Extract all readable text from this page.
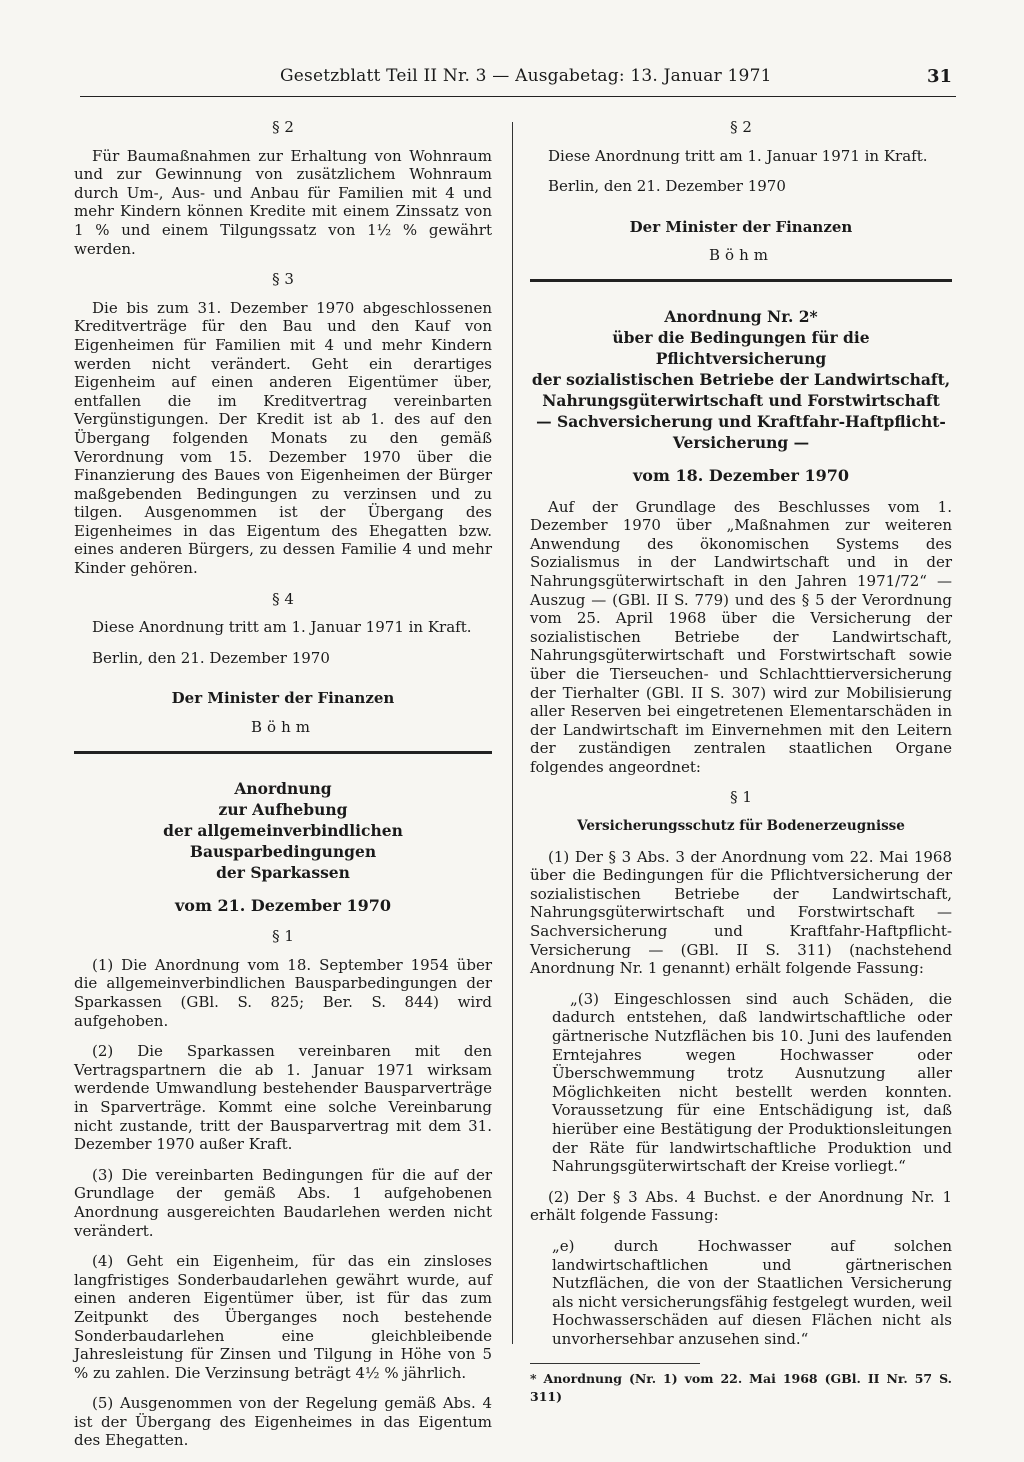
Gesetzblatt Teil II Nr. 3 — Ausgabetag: 13. Januar 1971	31

§ 2

Für Baumaßnahmen zur Erhaltung von Wohnraum und zur Gewinnung von zusätzlichem Wohnraum durch Um-, Aus- und Anbau für Familien mit 4 und mehr Kindern können Kredite mit einem Zinssatz von 1 % und einem Tilgungssatz von 1½ % gewährt werden.

§ 3

Die bis zum 31. Dezember 1970 abgeschlossenen Kreditverträge für den Bau und den Kauf von Eigenheimen für Familien mit 4 und mehr Kindern werden nicht verändert. Geht ein derartiges Eigenheim auf einen anderen Eigentümer über, entfallen die im Kreditvertrag vereinbarten Vergünstigungen. Der Kredit ist ab 1. des auf den Übergang folgenden Monats zu den gemäß Verordnung vom 15. Dezember 1970 über die Finanzierung des Baues von Eigenheimen der Bürger maßgebenden Bedingungen zu verzinsen und zu tilgen. Ausgenommen ist der Übergang des Eigenheimes in das Eigentum des Ehegatten bzw. eines anderen Bürgers, zu dessen Familie 4 und mehr Kinder gehören.

§ 4

Diese Anordnung tritt am 1. Januar 1971 in Kraft.

Berlin, den 21. Dezember 1970

Der Minister der Finanzen

Böhm

Anordnung
zur Aufhebung
der allgemeinverbindlichen Bausparbedingungen
der Sparkassen

vom 21. Dezember 1970

§ 1

(1) Die Anordnung vom 18. September 1954 über die allgemeinverbindlichen Bausparbedingungen der Sparkassen (GBl. S. 825; Ber. S. 844) wird aufgehoben.

(2) Die Sparkassen vereinbaren mit den Vertragspartnern die ab 1. Januar 1971 wirksam werdende Umwandlung bestehender Bausparverträge in Sparverträge. Kommt eine solche Vereinbarung nicht zustande, tritt der Bausparvertrag mit dem 31. Dezember 1970 außer Kraft.

(3) Die vereinbarten Bedingungen für die auf der Grundlage der gemäß Abs. 1 aufgehobenen Anordnung ausgereichten Baudarlehen werden nicht verändert.

(4) Geht ein Eigenheim, für das ein zinsloses langfristiges Sonderbaudarlehen gewährt wurde, auf einen anderen Eigentümer über, ist für das zum Zeitpunkt des Überganges noch bestehende Sonderbaudarlehen eine gleichbleibende Jahresleistung für Zinsen und Tilgung in Höhe von 5 % zu zahlen. Die Verzinsung beträgt 4½ % jährlich.

(5) Ausgenommen von der Regelung gemäß Abs. 4 ist der Übergang des Eigenheimes in das Eigentum des Ehegatten.

§ 2

Diese Anordnung tritt am 1. Januar 1971 in Kraft.

Berlin, den 21. Dezember 1970

Der Minister der Finanzen

Böhm

Anordnung Nr. 2*
über die Bedingungen für die Pflichtversicherung
der sozialistischen Betriebe der Landwirtschaft,
Nahrungsgüterwirtschaft und Forstwirtschaft
— Sachversicherung und Kraftfahr-Haftpflicht-
Versicherung —

vom 18. Dezember 1970

Auf der Grundlage des Beschlusses vom 1. Dezember 1970 über „Maßnahmen zur weiteren Anwendung des ökonomischen Systems des Sozialismus in der Landwirtschaft und in der Nahrungsgüterwirtschaft in den Jahren 1971/72“ — Auszug — (GBl. II S. 779) und des § 5 der Verordnung vom 25. April 1968 über die Versicherung der sozialistischen Betriebe der Landwirtschaft, Nahrungsgüterwirtschaft und Forstwirtschaft sowie über die Tierseuchen- und Schlachttierversicherung der Tierhalter (GBl. II S. 307) wird zur Mobilisierung aller Reserven bei eingetretenen Elementarschäden in der Landwirtschaft im Einvernehmen mit den Leitern der zuständigen zentralen staatlichen Organe folgendes angeordnet:

§ 1

Versicherungsschutz für Bodenerzeugnisse

(1) Der § 3 Abs. 3 der Anordnung vom 22. Mai 1968 über die Bedingungen für die Pflichtversicherung der sozialistischen Betriebe der Landwirtschaft, Nahrungsgüterwirtschaft und Forstwirtschaft — Sachversicherung und Kraftfahr-Haftpflicht-Versicherung — (GBl. II S. 311) (nachstehend Anordnung Nr. 1 genannt) erhält folgende Fassung:

„(3) Eingeschlossen sind auch Schäden, die dadurch entstehen, daß landwirtschaftliche oder gärtnerische Nutzflächen bis 10. Juni des laufenden Erntejahres wegen Hochwasser oder Überschwemmung trotz Ausnutzung aller Möglichkeiten nicht bestellt werden konnten. Voraussetzung für eine Entschädigung ist, daß hierüber eine Bestätigung der Produktionsleitungen der Räte für landwirtschaftliche Produktion und Nahrungsgüterwirtschaft der Kreise vorliegt.“

(2) Der § 3 Abs. 4 Buchst. e der Anordnung Nr. 1 erhält folgende Fassung:

„e) durch Hochwasser auf solchen landwirtschaftlichen und gärtnerischen Nutzflächen, die von der Staatlichen Versicherung als nicht versicherungsfähig festgelegt wurden, weil Hochwasserschäden auf diesen Flächen nicht als unvorhersehbar anzusehen sind.“

* Anordnung (Nr. 1) vom 22. Mai 1968 (GBl. II Nr. 57 S. 311)
